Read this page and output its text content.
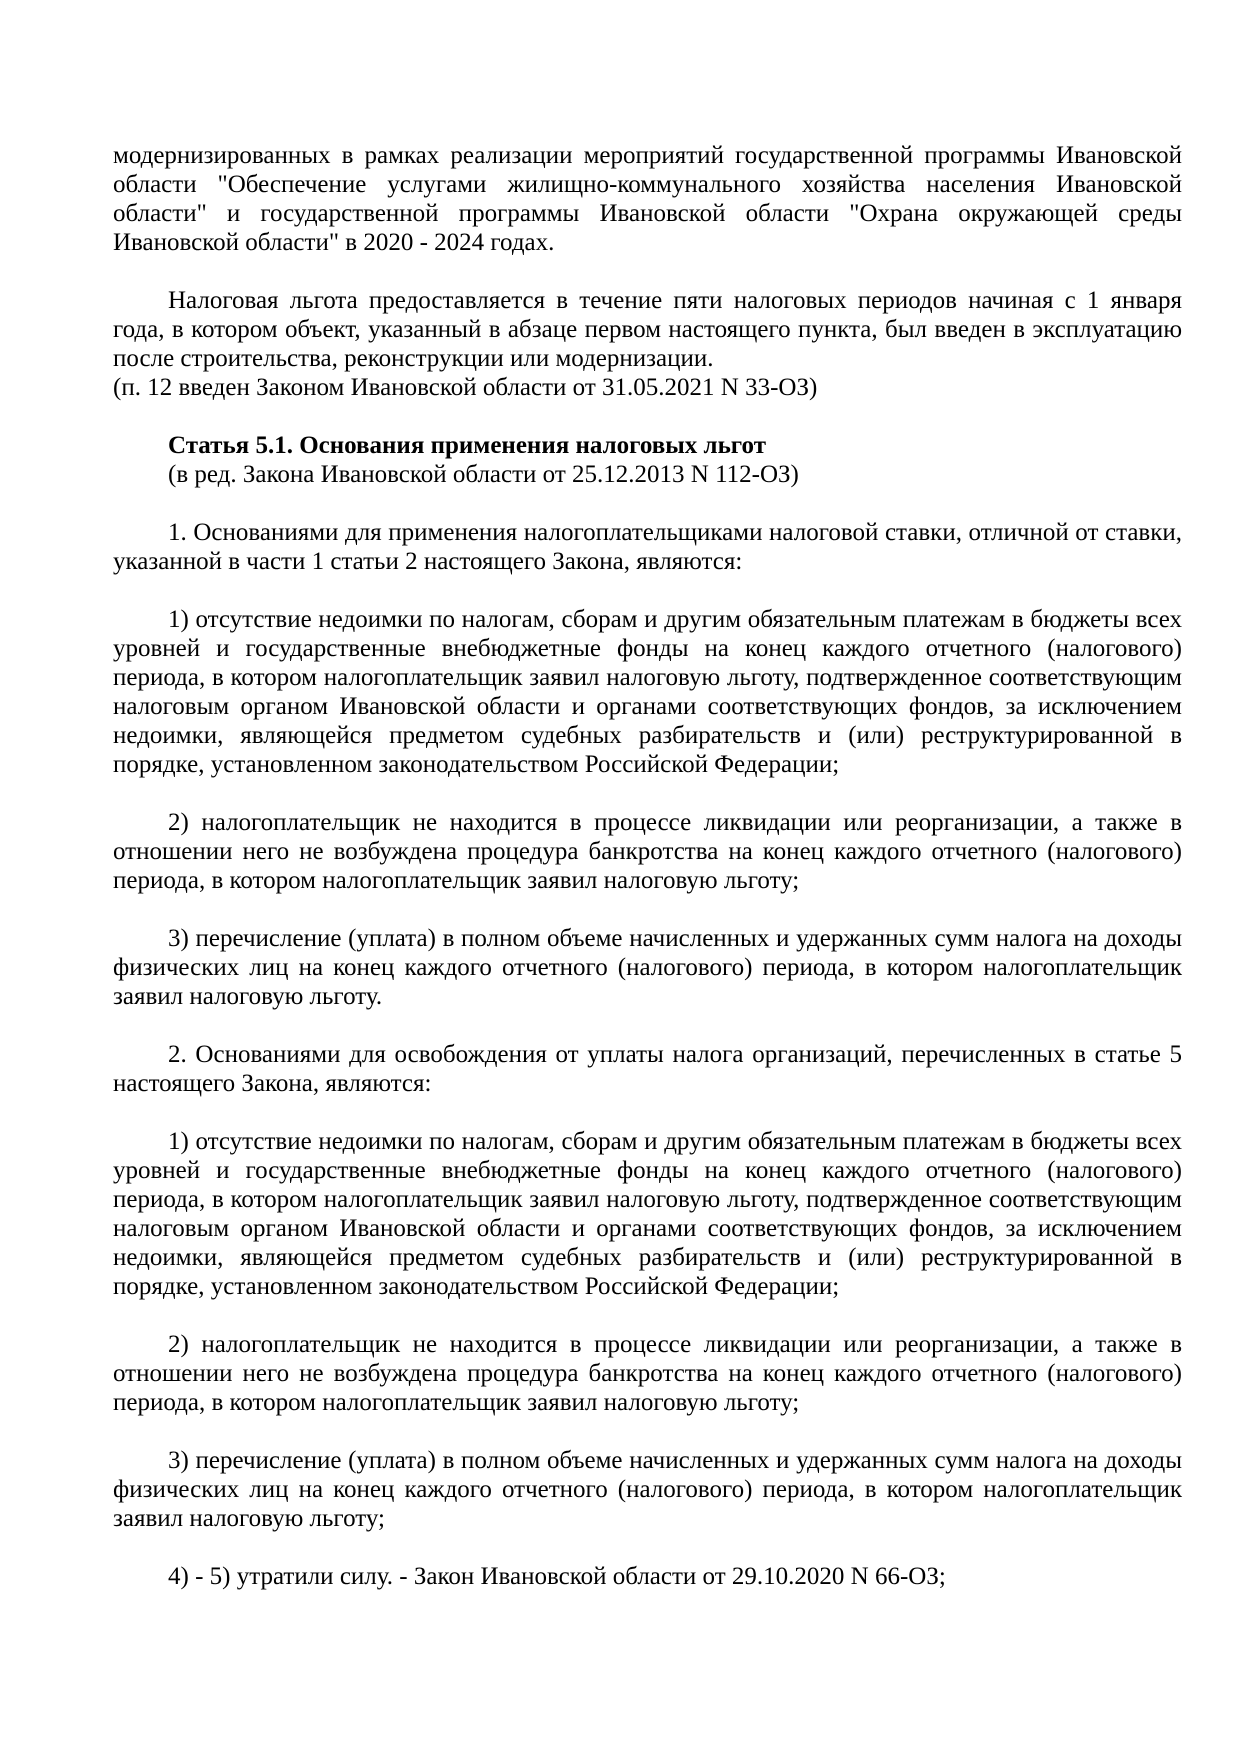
модернизированных в рамках реализации мероприятий государственной программы Ивановской области "Обеспечение услугами жилищно-коммунального хозяйства населения Ивановской области" и государственной программы Ивановской области "Охрана окружающей среды Ивановской области" в 2020 - 2024 годах.

Налоговая льгота предоставляется в течение пяти налоговых периодов начиная с 1 января года, в котором объект, указанный в абзаце первом настоящего пункта, был введен в эксплуатацию после строительства, реконструкции или модернизации.

(п. 12 введен Законом Ивановской области от 31.05.2021 N 33-ОЗ)

Статья 5.1. Основания применения налоговых льгот

(в ред. Закона Ивановской области от 25.12.2013 N 112-ОЗ)

1. Основаниями для применения налогоплательщиками налоговой ставки, отличной от ставки, указанной в части 1 статьи 2 настоящего Закона, являются:

1) отсутствие недоимки по налогам, сборам и другим обязательным платежам в бюджеты всех уровней и государственные внебюджетные фонды на конец каждого отчетного (налогового) периода, в котором налогоплательщик заявил налоговую льготу, подтвержденное соответствующим налоговым органом Ивановской области и органами соответствующих фондов, за исключением недоимки, являющейся предметом судебных разбирательств и (или) реструктурированной в порядке, установленном законодательством Российской Федерации;

2) налогоплательщик не находится в процессе ликвидации или реорганизации, а также в отношении него не возбуждена процедура банкротства на конец каждого отчетного (налогового) периода, в котором налогоплательщик заявил налоговую льготу;

3) перечисление (уплата) в полном объеме начисленных и удержанных сумм налога на доходы физических лиц на конец каждого отчетного (налогового) периода, в котором налогоплательщик заявил налоговую льготу.

2. Основаниями для освобождения от уплаты налога организаций, перечисленных в статье 5 настоящего Закона, являются:

1) отсутствие недоимки по налогам, сборам и другим обязательным платежам в бюджеты всех уровней и государственные внебюджетные фонды на конец каждого отчетного (налогового) периода, в котором налогоплательщик заявил налоговую льготу, подтвержденное соответствующим налоговым органом Ивановской области и органами соответствующих фондов, за исключением недоимки, являющейся предметом судебных разбирательств и (или) реструктурированной в порядке, установленном законодательством Российской Федерации;

2) налогоплательщик не находится в процессе ликвидации или реорганизации, а также в отношении него не возбуждена процедура банкротства на конец каждого отчетного (налогового) периода, в котором налогоплательщик заявил налоговую льготу;

3) перечисление (уплата) в полном объеме начисленных и удержанных сумм налога на доходы физических лиц на конец каждого отчетного (налогового) периода, в котором налогоплательщик заявил налоговую льготу;

4) - 5) утратили силу. - Закон Ивановской области от 29.10.2020 N 66-ОЗ;
